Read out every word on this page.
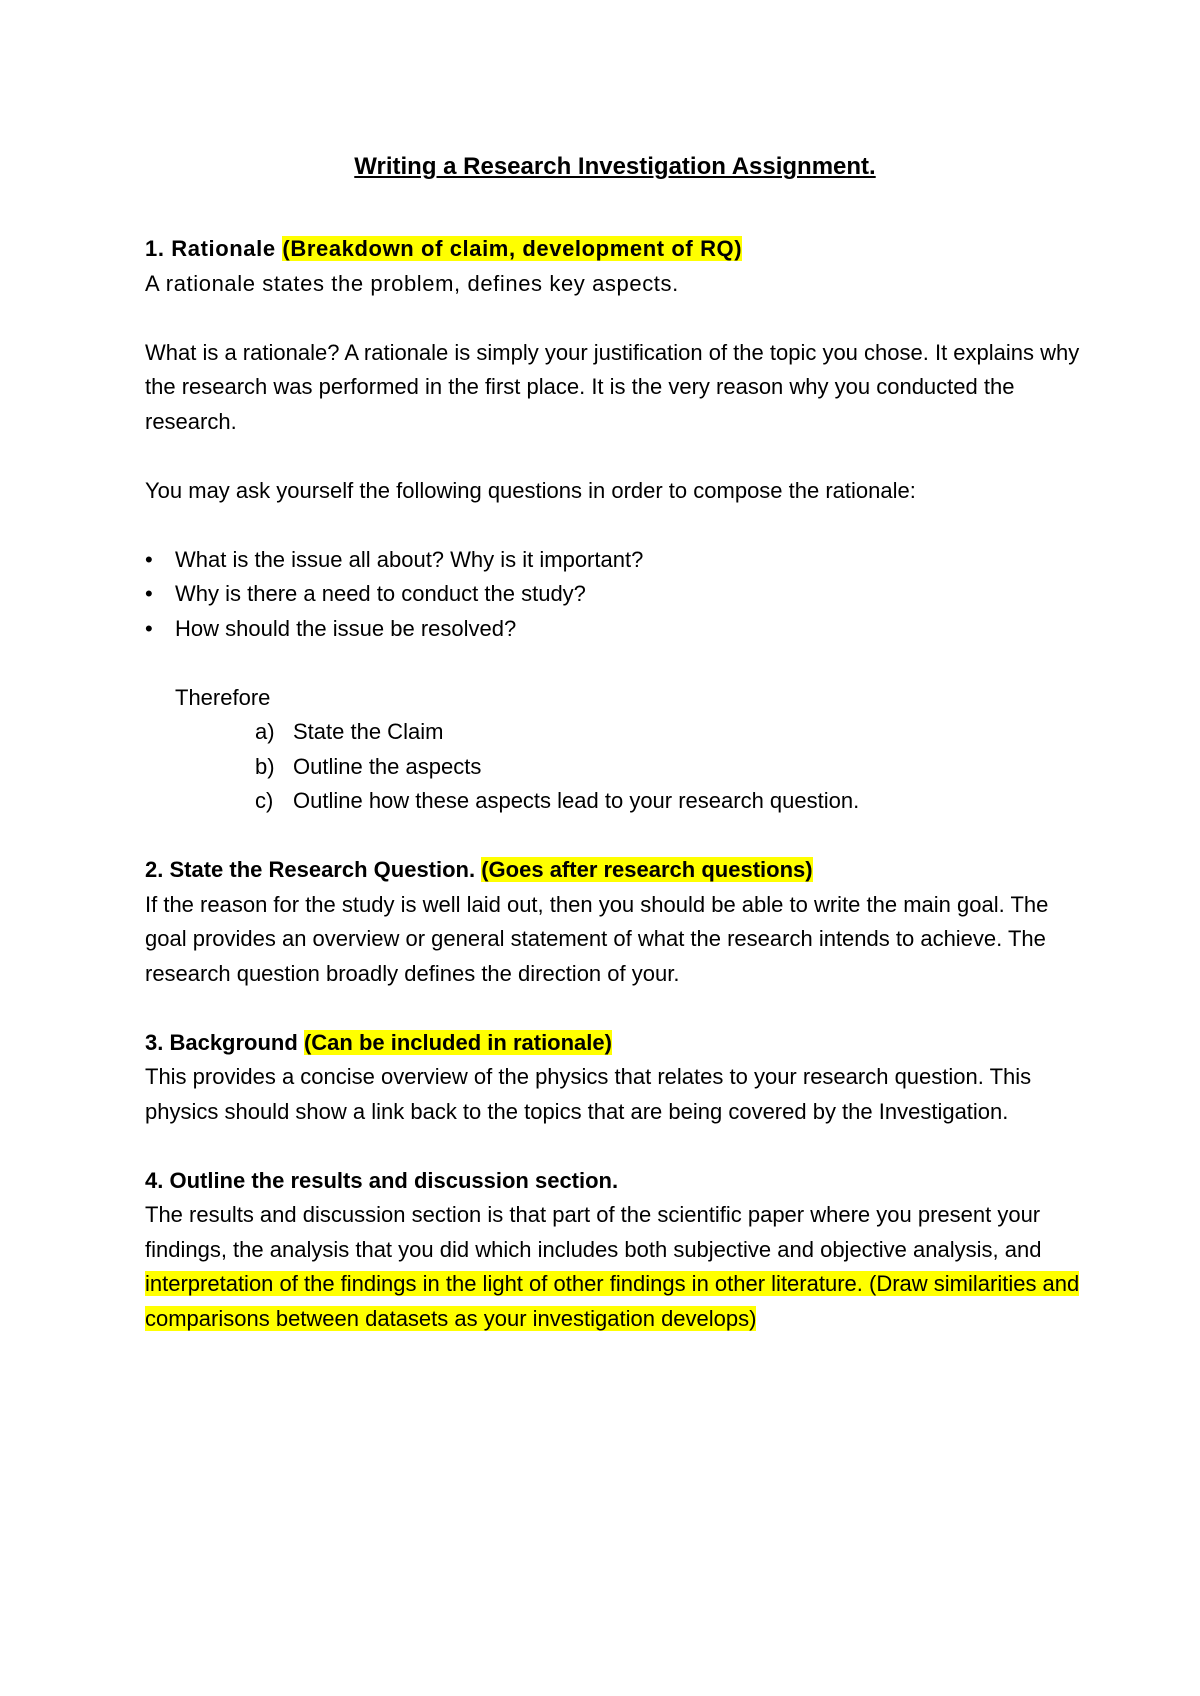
Writing a Research Investigation Assignment.

1. Rationale (Breakdown of claim, development of RQ)

A rationale states the problem, defines key aspects.

What is a rationale? A rationale is simply your justification of the topic you chose. It explains why the research was performed in the first place. It is the very reason why you conducted the research.

You may ask yourself the following questions in order to compose the rationale:

•	What is the issue all about? Why is it important?
•	Why is there a need to conduct the study?
•	How should the issue be resolved?

Therefore

a) State the Claim
b) Outline the aspects
c) Outline how these aspects lead to your research question.

2. State the Research Question. (Goes after research questions)

If the reason for the study is well laid out, then you should be able to write the main goal. The goal provides an overview or general statement of what the research intends to achieve. The research question broadly defines the direction of your.

3. Background (Can be included in rationale)

This provides a concise overview of the physics that relates to your research question. This physics should show a link back to the topics that are being covered by the Investigation.

4. Outline the results and discussion section.

The results and discussion section is that part of the scientific paper where you present your findings, the analysis that you did which includes both subjective and objective analysis, and interpretation of the findings in the light of other findings in other literature. (Draw similarities and comparisons between datasets as your investigation develops)
